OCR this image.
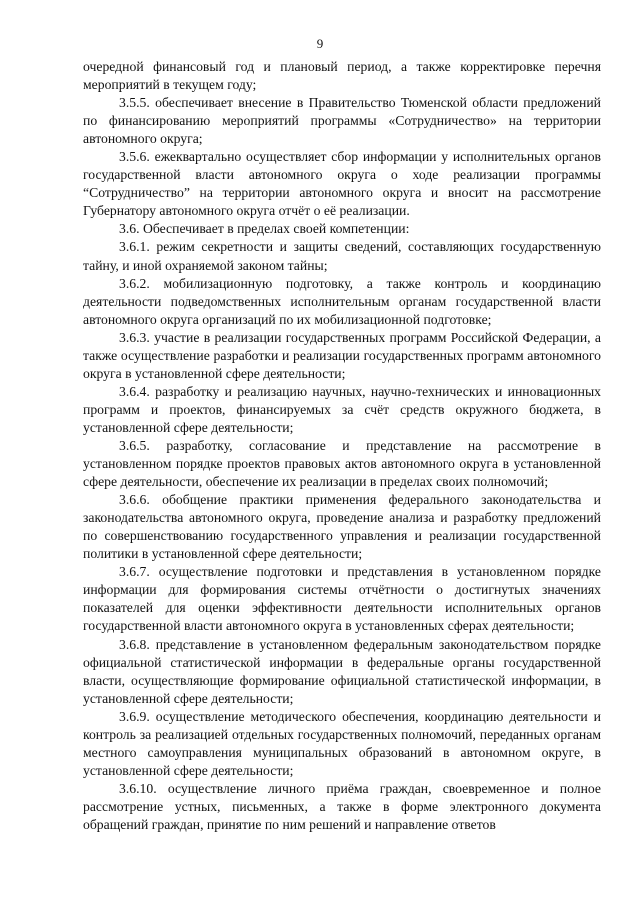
9

очередной финансовый год и плановый период, а также корректировке перечня мероприятий в текущем году;

3.5.5. обеспечивает внесение в Правительство Тюменской области предложений по финансированию мероприятий программы «Сотрудничество» на территории автономного округа;

3.5.6. ежеквартально осуществляет сбор информации у исполнительных органов государственной власти автономного округа о ходе реализации программы “Сотрудничество” на территории автономного округа и вносит на рассмотрение Губернатору автономного округа отчёт о её реализации.

3.6. Обеспечивает в пределах своей компетенции:

3.6.1. режим секретности и защиты сведений, составляющих государственную тайну, и иной охраняемой законом тайны;

3.6.2. мобилизационную подготовку, а также контроль и координацию деятельности подведомственных исполнительным органам государственной власти автономного округа организаций по их мобилизационной подготовке;

3.6.3. участие в реализации государственных программ Российской Федерации, а также осуществление разработки и реализации государственных программ автономного округа в установленной сфере деятельности;

3.6.4. разработку и реализацию научных, научно-технических и инновационных программ и проектов, финансируемых за счёт средств окружного бюджета, в установленной сфере деятельности;

3.6.5. разработку, согласование и представление на рассмотрение в установленном порядке проектов правовых актов автономного округа в установленной сфере деятельности, обеспечение их реализации в пределах своих полномочий;

3.6.6. обобщение практики применения федерального законодательства и законодательства автономного округа, проведение анализа и разработку предложений по совершенствованию государственного управления и реализации государственной политики в установленной сфере деятельности;

3.6.7. осуществление подготовки и представления в установленном порядке информации для формирования системы отчётности о достигнутых значениях показателей для оценки эффективности деятельности исполнительных органов государственной власти автономного округа в установленных сферах деятельности;

3.6.8. представление в установленном федеральным законодательством порядке официальной статистической информации в федеральные органы государственной власти, осуществляющие формирование официальной статистической информации, в установленной сфере деятельности;

3.6.9. осуществление методического обеспечения, координацию деятельности и контроль за реализацией отдельных государственных полномочий, переданных органам местного самоуправления муниципальных образований в автономном округе, в установленной сфере деятельности;

3.6.10. осуществление личного приёма граждан, своевременное и полное рассмотрение устных, письменных, а также в форме электронного документа обращений граждан, принятие по ним решений и направление ответов
